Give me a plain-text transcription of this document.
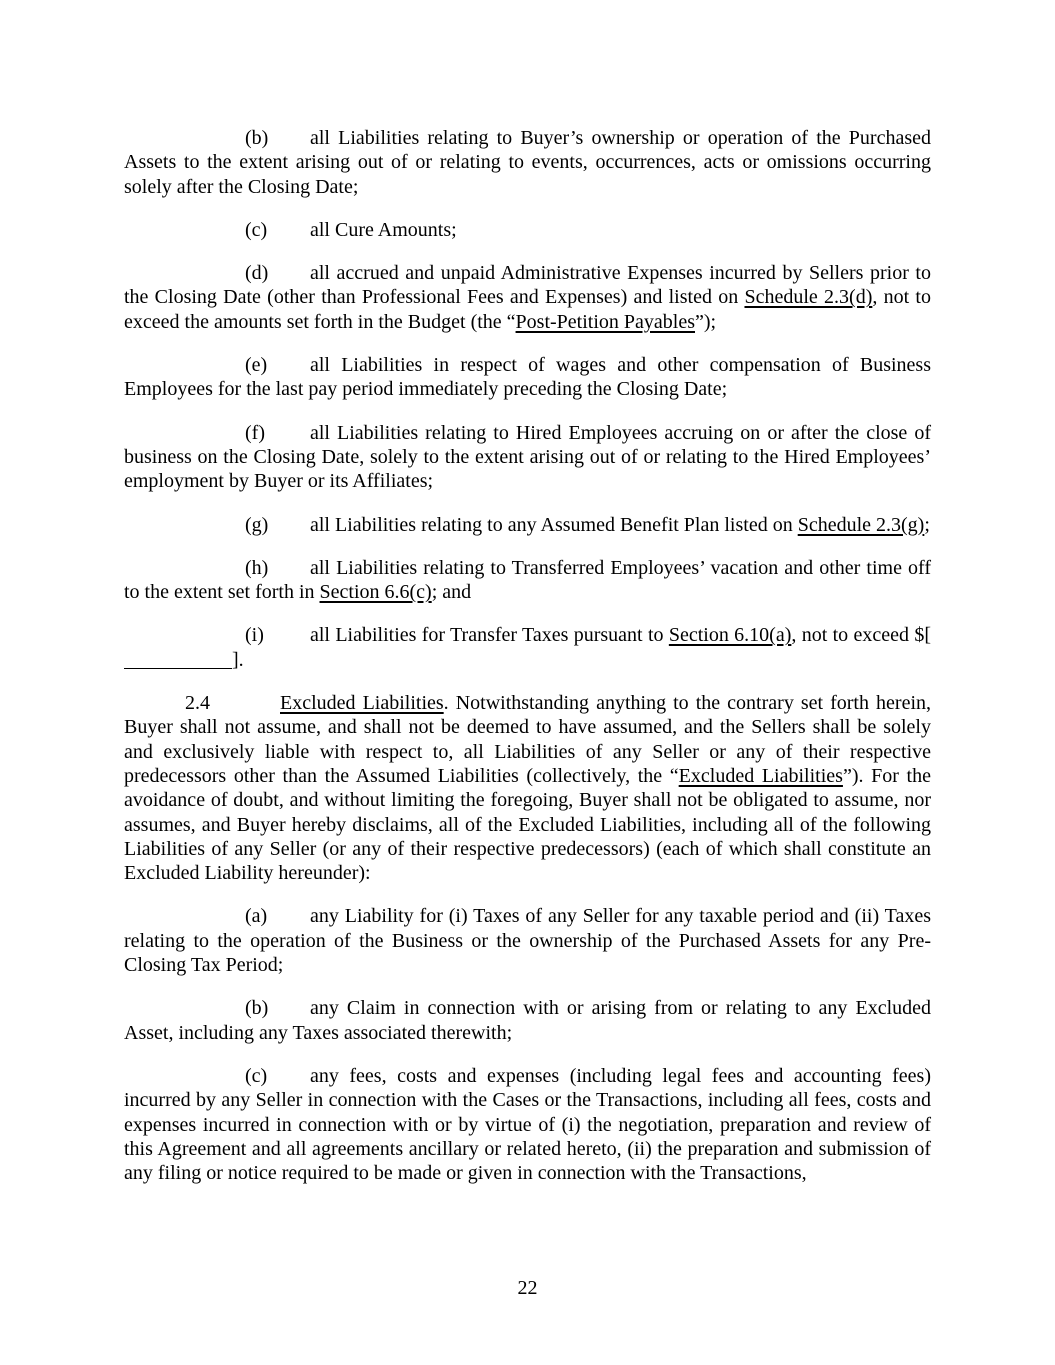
(b) all Liabilities relating to Buyer’s ownership or operation of the Purchased Assets to the extent arising out of or relating to events, occurrences, acts or omissions occurring solely after the Closing Date;

(c) all Cure Amounts;

(d) all accrued and unpaid Administrative Expenses incurred by Sellers prior to the Closing Date (other than Professional Fees and Expenses) and listed on Schedule 2.3(d), not to exceed the amounts set forth in the Budget (the “Post-Petition Payables”);

(e) all Liabilities in respect of wages and other compensation of Business Employees for the last pay period immediately preceding the Closing Date;

(f) all Liabilities relating to Hired Employees accruing on or after the close of business on the Closing Date, solely to the extent arising out of or relating to the Hired Employees’ employment by Buyer or its Affiliates;

(g) all Liabilities relating to any Assumed Benefit Plan listed on Schedule 2.3(g);

(h) all Liabilities relating to Transferred Employees’ vacation and other time off to the extent set forth in Section 6.6(c); and

(i) all Liabilities for Transfer Taxes pursuant to Section 6.10(a), not to exceed $[].

2.4	Excluded Liabilities. Notwithstanding anything to the contrary set forth herein, Buyer shall not assume, and shall not be deemed to have assumed, and the Sellers shall be solely and exclusively liable with respect to, all Liabilities of any Seller or any of their respective predecessors other than the Assumed Liabilities (collectively, the “Excluded Liabilities”). For the avoidance of doubt, and without limiting the foregoing, Buyer shall not be obligated to assume, nor assumes, and Buyer hereby disclaims, all of the Excluded Liabilities, including all of the following Liabilities of any Seller (or any of their respective predecessors) (each of which shall constitute an Excluded Liability hereunder):

(a) any Liability for (i) Taxes of any Seller for any taxable period and (ii) Taxes relating to the operation of the Business or the ownership of the Purchased Assets for any Pre-Closing Tax Period;

(b) any Claim in connection with or arising from or relating to any Excluded Asset, including any Taxes associated therewith;

(c) any fees, costs and expenses (including legal fees and accounting fees) incurred by any Seller in connection with the Cases or the Transactions, including all fees, costs and expenses incurred in connection with or by virtue of (i) the negotiation, preparation and review of this Agreement and all agreements ancillary or related hereto, (ii) the preparation and submission of any filing or notice required to be made or given in connection with the Transactions,

22
